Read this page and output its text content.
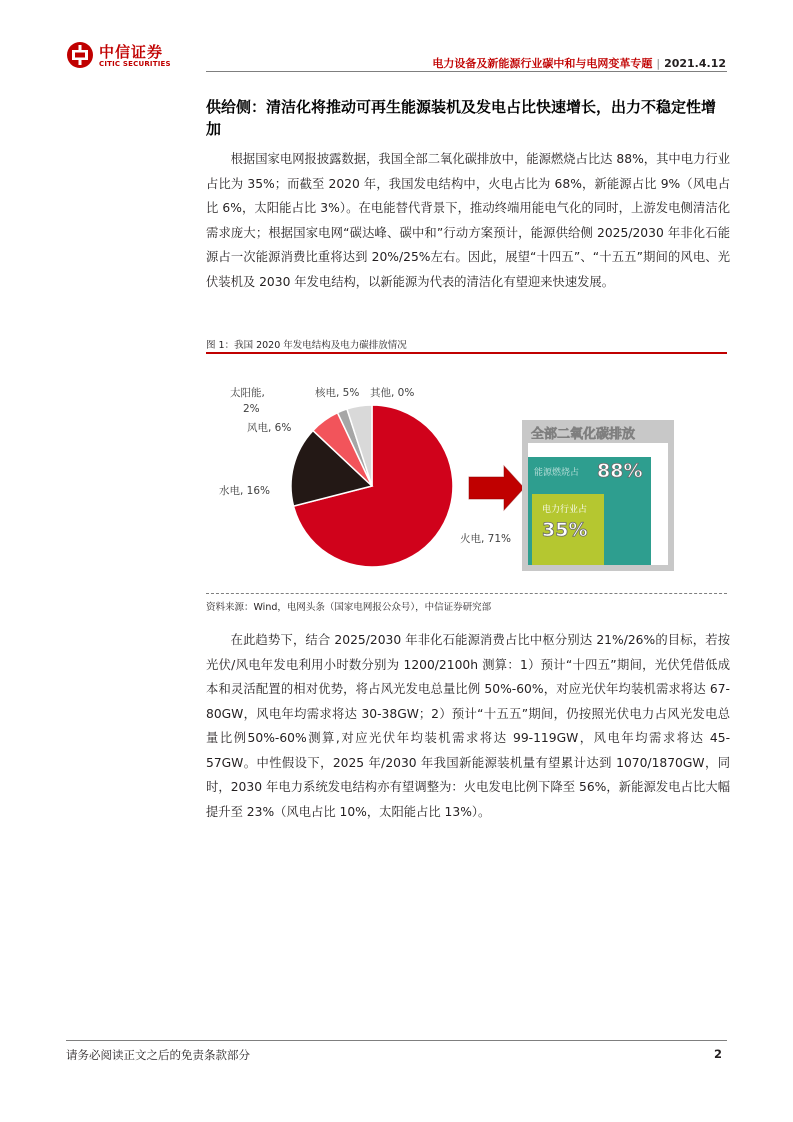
中信证券
CITIC SECURITIES	电力设备及新能源行业碳中和与电网变革专题 | 2021.4.12
供给侧：清洁化将推动可再生能源装机及发电占比快速增长，出力不稳定性增加
根据国家电网报披露数据，我国全部二氧化碳排放中，能源燃烧占比达 88%，其中电力行业占比为 35%；而截至 2020 年，我国发电结构中，火电占比为 68%，新能源占比 9%（风电占比 6%，太阳能占比 3%）。在电能替代背景下，推动终端用能电气化的同时，上游发电侧清洁化需求庞大；根据国家电网“碳达峰、碳中和”行动方案预计，能源供给侧 2025/2030 年非化石能源占一次能源消费比重将达到 20%/25%左右。因此，展望“十四五”、“十五五”期间的风电、光伏装机及 2030 年发电结构，以新能源为代表的清洁化有望迎来快速发展。
图 1：我国 2020 年发电结构及电力碳排放情况
太阳能,
2%
核电, 5% 其他, 0%
风电, 6%
水电, 16%
火电, 71%
全部二氧化碳排放
能源燃烧占 88%
电力行业占
35%
资料来源：Wind，电网头条（国家电网报公众号），中信证券研究部
在此趋势下，结合 2025/2030 年非化石能源消费占比中枢分别达 21%/26%的目标，若按光伏/风电年发电利用小时数分别为 1200/2100h 测算：1）预计“十四五”期间，光伏凭借低成本和灵活配置的相对优势，将占风光发电总量比例 50%-60%，对应光伏年均装机需求将达 67-80GW，风电年均需求将达 30-38GW；2）预计“十五五”期间，仍按照光伏电力占风光发电总量比例50%-60%测算,对应光伏年均装机需求将达 99-119GW，风电年均需求将达 45-57GW。中性假设下，2025 年/2030 年我国新能源装机量有望累计达到 1070/1870GW，同时，2030 年电力系统发电结构亦有望调整为：火电发电比例下降至 56%，新能源发电占比大幅提升至 23%（风电占比 10%，太阳能占比 13%）。
请务必阅读正文之后的免责条款部分	2
